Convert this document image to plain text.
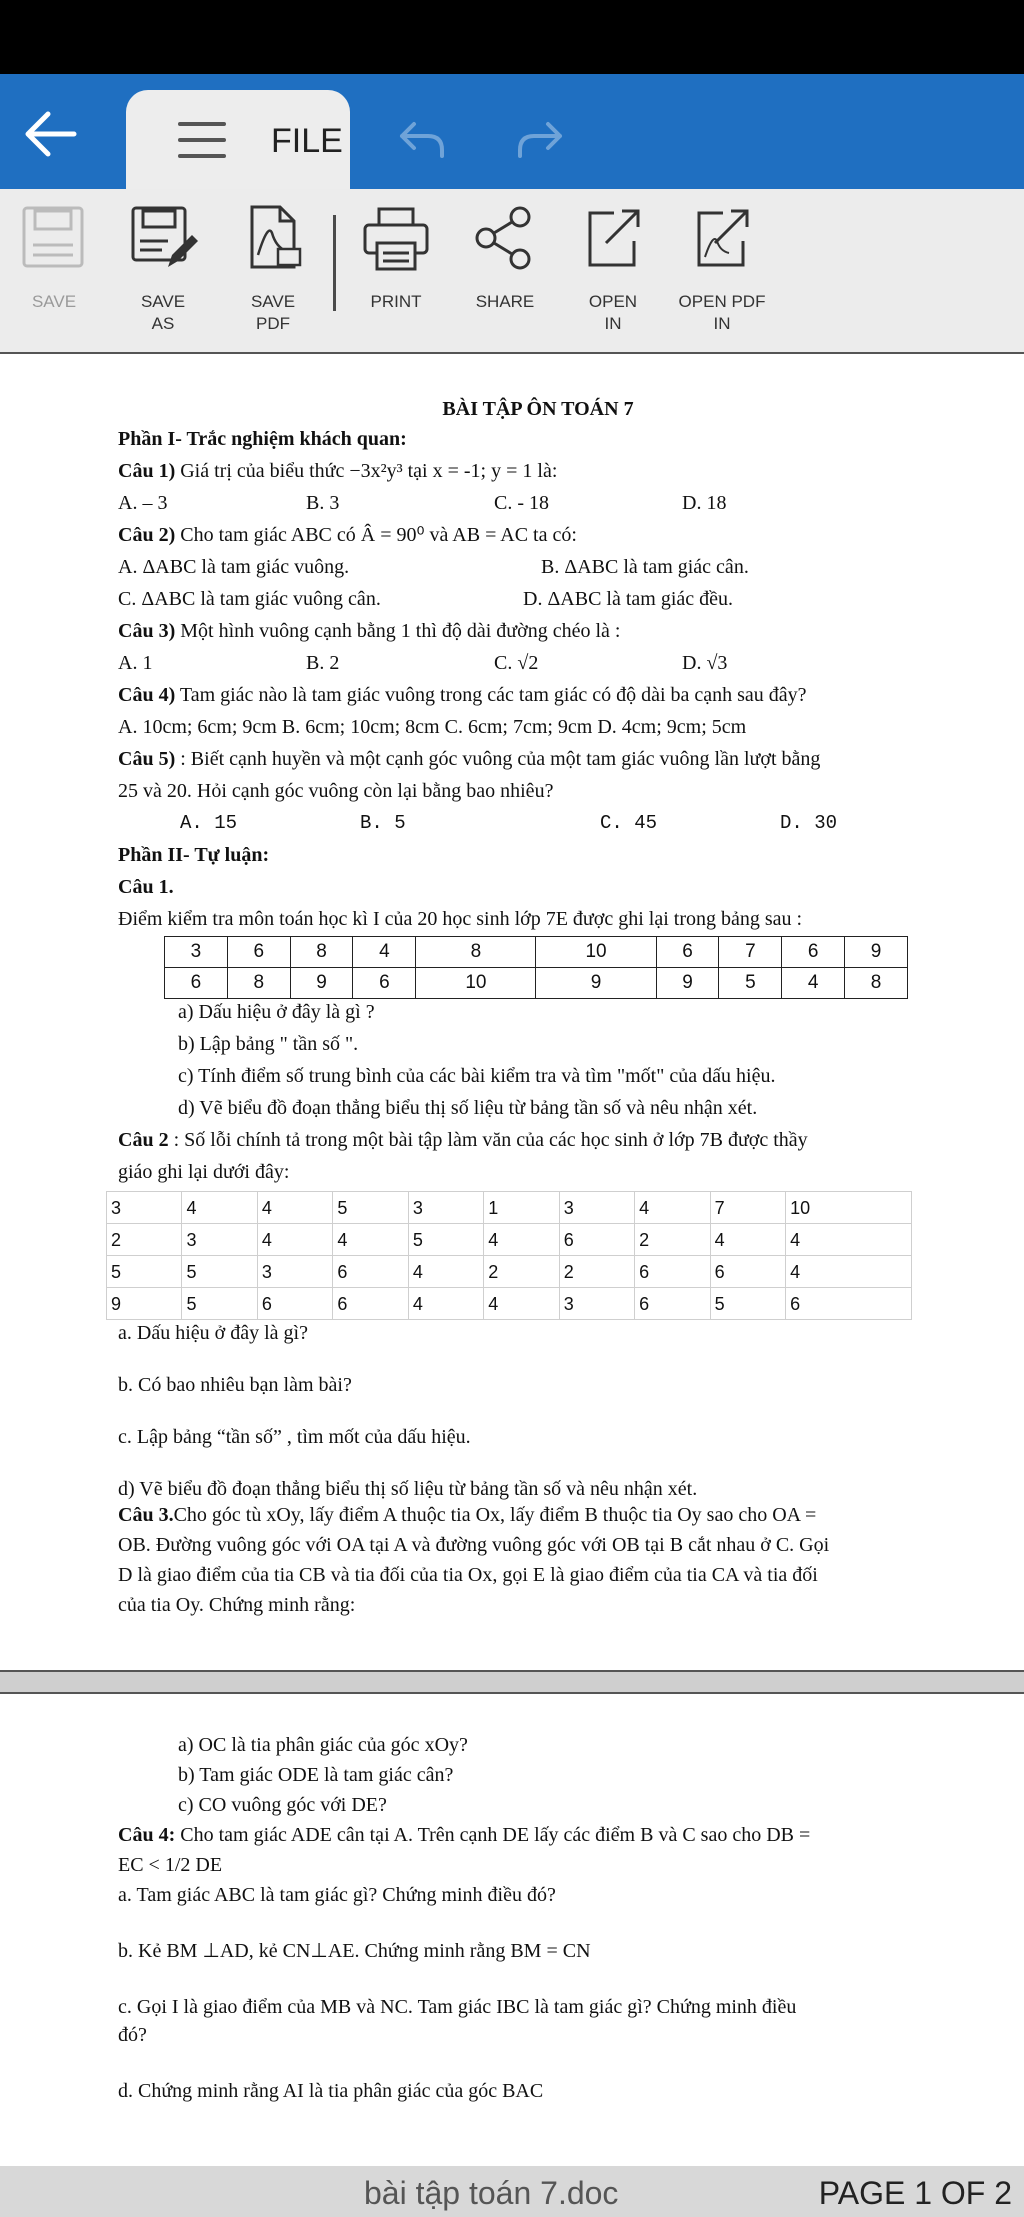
FILE
SAVE	SAVE
AS
SAVE
PDF
PRINT	SHARE	OPEN
IN
OPEN PDF
IN
BÀI TẬP ÔN TOÁN 7
Phần I- Trắc nghiệm khách quan:
Câu 1) Giá trị của biểu thức −3x²y³ tại x = -1; y = 1 là:
A. – 3	B. 3	C. - 18	D. 18
Câu 2) Cho tam giác ABC có Â = 90⁰ và AB = AC ta có:
A. ΔABC là tam giác vuông.	B. ΔABC là tam giác cân.
C. ΔABC là tam giác vuông cân.	D. ΔABC là tam giác đều.
Câu 3) Một hình vuông cạnh bằng 1 thì độ dài đường chéo là :
A. 1	B. 2	C. √2	D. √3
Câu 4) Tam giác nào là tam giác vuông trong các tam giác có độ dài ba cạnh sau đây?
A. 10cm; 6cm; 9cm B. 6cm; 10cm; 8cm C. 6cm; 7cm; 9cm D. 4cm; 9cm; 5cm
Câu 5) : Biết cạnh huyền và một cạnh góc vuông của một tam giác vuông lần lượt bằng
25 và 20. Hỏi cạnh góc vuông còn lại bằng bao nhiêu?
A. 15	B. 5	C. 45	D. 30
Phần II- Tự luận:
Câu 1.
Điểm kiểm tra môn toán học kì I của 20 học sinh lớp 7E được ghi lại trong bảng sau :
3	6	8	4	8	10	6	7	6	9
6	8	9	6	10	9	9	5	4	8
a) Dấu hiệu ở đây là gì ?
b) Lập bảng " tần số ".
c) Tính điểm số trung bình của các bài kiểm tra và tìm "mốt" của dấu hiệu.
d) Vẽ biểu đồ đoạn thẳng biểu thị số liệu từ bảng tần số và nêu nhận xét.
Câu 2 : Số lỗi chính tả trong một bài tập làm văn của các học sinh ở lớp 7B được thầy
giáo ghi lại dưới đây:
3	4	4	5	3	1	3	4	7	10
2	3	4	4	5	4	6	2	4	4
5	5	3	6	4	2	2	6	6	4
9	5	6	6	4	4	3	6	5	6
a. Dấu hiệu ở đây là gì?
b. Có bao nhiêu bạn làm bài?
c. Lập bảng “tần số” , tìm mốt của dấu hiệu.
d) Vẽ biểu đồ đoạn thẳng biểu thị số liệu từ bảng tần số và nêu nhận xét.
Câu 3.Cho góc tù xOy, lấy điểm A thuộc tia Ox, lấy điểm B thuộc tia Oy sao cho OA =
OB. Đường vuông góc với OA tại A và đường vuông góc với OB tại B cắt nhau ở C. Gọi
D là giao điểm của tia CB và tia đối của tia Ox, gọi E là giao điểm của tia CA và tia đối
của tia Oy. Chứng minh rằng:
a) OC là tia phân giác của góc xOy?
b) Tam giác ODE là tam giác cân?
c) CO vuông góc với DE?
Câu 4: Cho tam giác ADE cân tại A. Trên cạnh DE lấy các điểm B và C sao cho DB =
EC < 1/2 DE
a. Tam giác ABC là tam giác gì? Chứng minh điều đó?
b. Kẻ BM ⊥AD, kẻ CN⊥AE. Chứng minh rằng BM = CN
c. Gọi I là giao điểm của MB và NC. Tam giác IBC là tam giác gì? Chứng minh điều
đó?
d. Chứng minh rằng AI là tia phân giác của góc BAC
bài tập toán 7.doc	PAGE 1 OF 2
